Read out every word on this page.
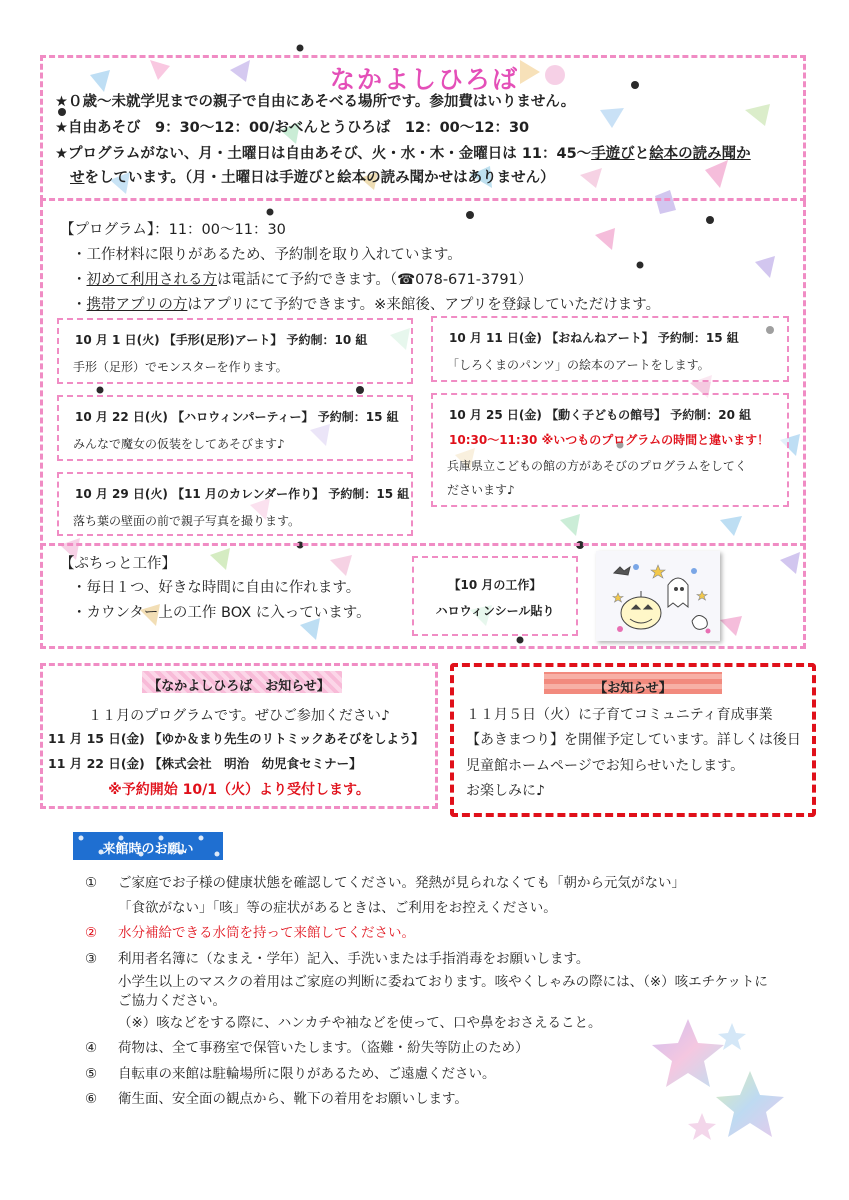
なかよしひろば
★０歳～未就学児までの親子で自由にあそべる場所です。参加費はいりません。
★自由あそび　9：30～12：00/おべんとうひろば　12：00～12：30
★プログラムがない、月・土曜日は自由あそび、火・水・木・金曜日は 11：45～手遊びと絵本の読み聞か
せをしています。（月・土曜日は手遊びと絵本の読み聞かせはありません）
【プログラム】：11：00～11：30
・工作材料に限りがあるため、予約制を取り入れています。
・初めて利用される方は電話にて予約できます。（☎078-671-3791）
・携帯アプリの方はアプリにて予約できます。※来館後、アプリを登録していただけます。
10 月 1 日(火) 【手形(足形)アート】 予約制：10 組
手形（足形）でモンスターを作ります。
10 月 22 日(火) 【ハロウィンパーティー】 予約制：15 組
みんなで魔女の仮装をしてあそびます♪
10 月 29 日(火) 【11 月のカレンダー作り】 予約制：15 組
落ち葉の壁面の前で親子写真を撮ります。
10 月 11 日(金) 【おねんねアート】 予約制：15 組
「しろくまのパンツ」の絵本のアートをします。
10 月 25 日(金) 【動く子どもの館号】 予約制：20 組
10:30～11:30 ※いつものプログラムの時間と違います！
兵庫県立こどもの館の方があそびのプログラムをしてく
ださいます♪
【ぷちっと工作】
・毎日１つ、好きな時間に自由に作れます。
・カウンター上の工作 BOX に入っています。
【10 月の工作】
ハロウィンシール貼り
【なかよしひろば　お知らせ】
１１月のプログラムです。ぜひご参加ください♪
11 月 15 日(金) 【ゆか＆まり先生のリトミックあそびをしよう】
11 月 22 日(金) 【株式会社　明治　幼児食セミナー】
※予約開始 10/1（火）より受付します。
【お知らせ】
１１月５日（火）に子育てコミュニティ育成事業
【あきまつり】を開催予定しています。詳しくは後日
児童館ホームページでお知らせいたします。
お楽しみに♪
来館時のお願い
① ご家庭でお子様の健康状態を確認してください。発熱が見られなくても「朝から元気がない」
「食欲がない」「咳」等の症状があるときは、ご利用をお控えください。
② 水分補給できる水筒を持って来館してください。
③ 利用者名簿に（なまえ・学年）記入、手洗いまたは手指消毒をお願いします。
小学生以上のマスクの着用はご家庭の判断に委ねております。咳やくしゃみの際には、（※）咳エチケットに
ご協力ください。
（※）咳などをする際に、ハンカチや袖などを使って、口や鼻をおさえること。
④ 荷物は、全て事務室で保管いたします。（盗難・紛失等防止のため）
⑤ 自転車の来館は駐輪場所に限りがあるため、ご遠慮ください。
⑥ 衛生面、安全面の観点から、靴下の着用をお願いします。
